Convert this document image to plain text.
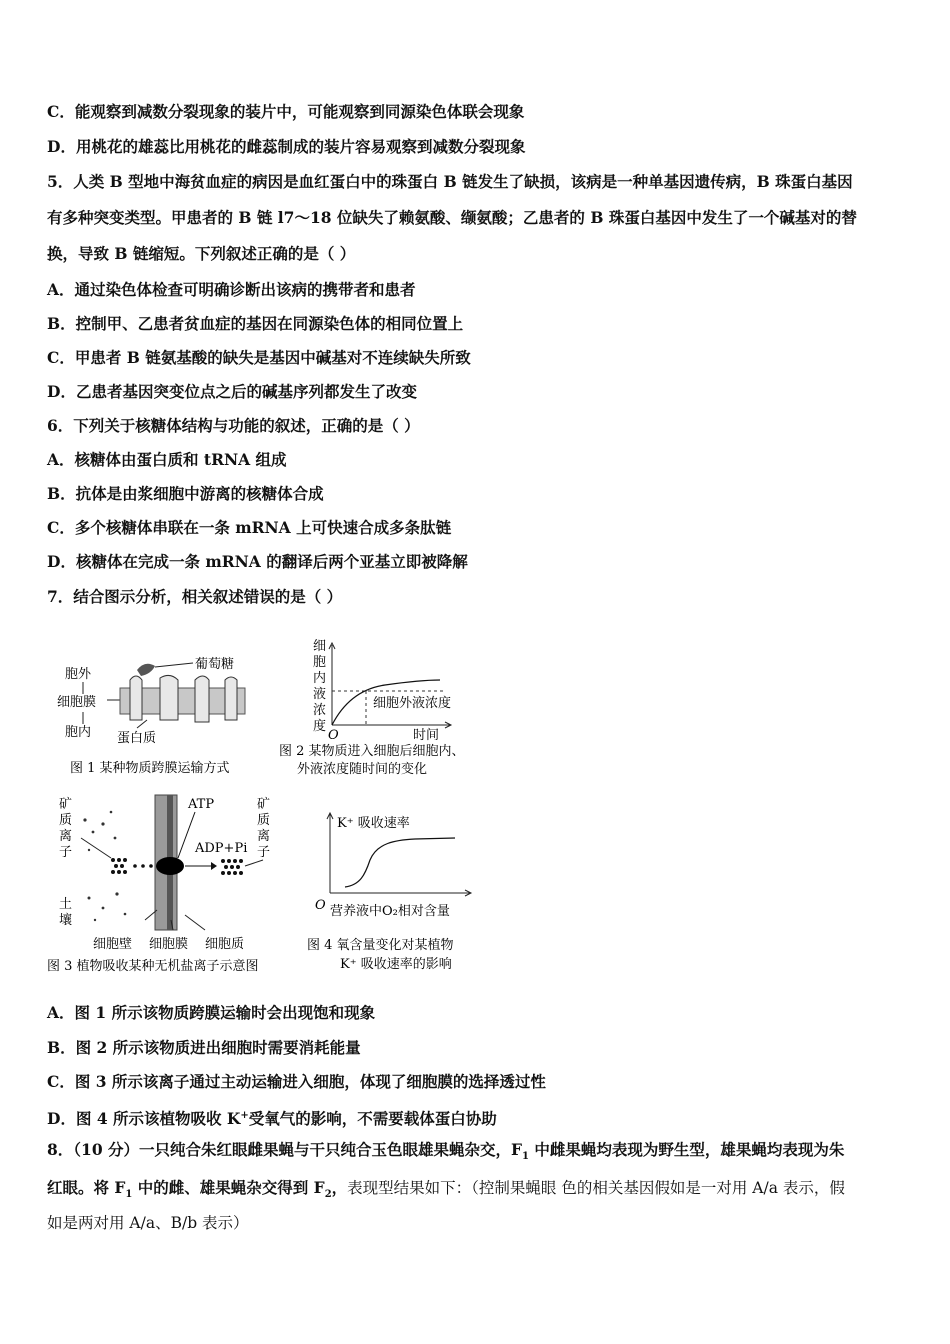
C．能观察到减数分裂现象的装片中，可能观察到同源染色体联会现象
D．用桃花的雄蕊比用桃花的雌蕊制成的装片容易观察到减数分裂现象
5．人类 B 型地中海贫血症的病因是血红蛋白中的珠蛋白 B 链发生了缺损，该病是一种单基因遗传病，B 珠蛋白基因
有多种突变类型。甲患者的 B 链 l7～18 位缺失了赖氨酸、缬氨酸；乙患者的 B 珠蛋白基因中发生了一个碱基对的替
换，导致 B 链缩短。下列叙述正确的是（ ）
A．通过染色体检查可明确诊断出该病的携带者和患者
B．控制甲、乙患者贫血症的基因在同源染色体的相同位置上
C．甲患者 B 链氨基酸的缺失是基因中碱基对不连续缺失所致
D．乙患者基因突变位点之后的碱基序列都发生了改变
6．下列关于核糖体结构与功能的叙述，正确的是（ ）
A．核糖体由蛋白质和 tRNA 组成
B．抗体是由浆细胞中游离的核糖体合成
C．多个核糖体串联在一条 mRNA 上可快速合成多条肽链
D．核糖体在完成一条 mRNA 的翻译后两个亚基立即被降解
7．结合图示分析，相关叙述错误的是（ ）
胞外
细胞膜
胞内
葡萄糖
蛋白质
图 1 某种物质跨膜运输方式
细
胞
内
液
浓
度
细胞外液浓度
O	时间
图 2 某物质进入细胞后细胞内、
外液浓度随时间的变化
矿
质
离
子
土
壤
ATP
ADP+Pi
矿
质
离
子
细胞壁 细胞膜 细胞质
图 3 植物吸收某种无机盐离子示意图
K⁺ 吸收速率
O 营养液中O₂相对含量
图 4 氧含量变化对某植物
K⁺ 吸收速率的影响
A．图 1 所示该物质跨膜运输时会出现饱和现象
B．图 2 所示该物质进出细胞时需要消耗能量
C．图 3 所示该离子通过主动运输进入细胞，体现了细胞膜的选择透过性
D．图 4 所示该植物吸收 K+受氧气的影响，不需要载体蛋白协助
8．（10 分）一只纯合朱红眼雌果蝇与干只纯合玉色眼雄果蝇杂交，$F_1$ 中雌果蝇均表现为野生型，雄果蝇均表现为朱
红眼。将 $F_1$ 中的雌、雄果蝇杂交得到 $F_2$，表现型结果如下：（控制果蝇眼 色的相关基因假如是一对用 A/a 表示，假
如是两对用 A/a、B/b 表示）
